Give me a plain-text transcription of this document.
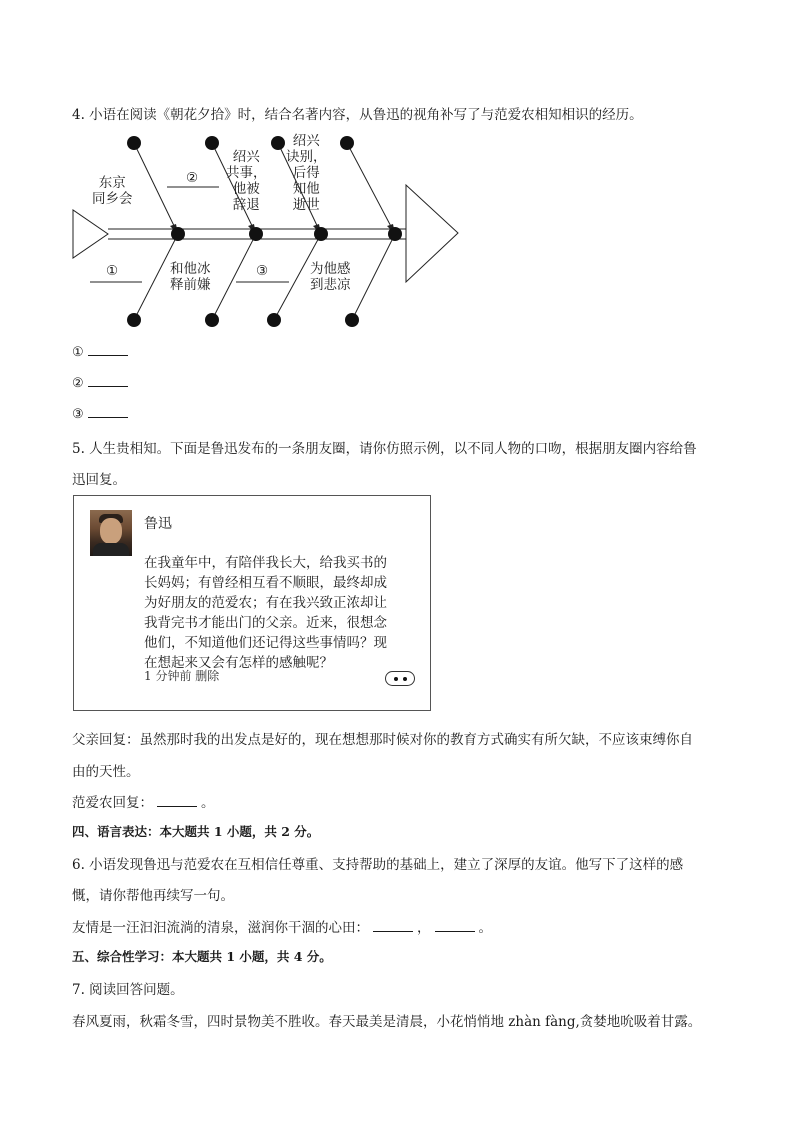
4. 小语在阅读《朝花夕拾》时，结合名著内容，从鲁迅的视角补写了与范爱农相知相识的经历。
东京
同乡会
②
绍兴
共事，
他被
辞退
绍兴
诀别，
后得
知他
逝世
①	和他冰
释前嫌
③	为他感
到悲凉
①
②
③
5. 人生贵相知。下面是鲁迅发布的一条朋友圈，请你仿照示例，以不同人物的口吻，根据朋友圈内容给鲁
迅回复。
鲁迅
在我童年中，有陪伴我长大，给我买书的
长妈妈；有曾经相互看不顺眼，最终却成
为好朋友的范爱农；有在我兴致正浓却让
我背完书才能出门的父亲。近来，很想念
他们，不知道他们还记得这些事情吗？现
在想起来又会有怎样的感触呢？
1 分钟前 删除
父亲回复：虽然那时我的出发点是好的，现在想想那时候对你的教育方式确实有所欠缺，不应该束缚你自
由的天性。
范爱农回复：	。
四、语言表达：本大题共 1 小题，共 2 分。
6. 小语发现鲁迅与范爱农在互相信任尊重、支持帮助的基础上，建立了深厚的友谊。他写下了这样的感
慨，请你帮他再续写一句。
友情是一汪汩汩流淌的清泉，滋润你干涸的心田：	，	。
五、综合性学习：本大题共 1 小题，共 4 分。
7. 阅读回答问题。
春风夏雨，秋霜冬雪，四时景物美不胜收。春天最美是清晨，小花悄悄地 zhàn fàng,贪婪地吮吸着甘露。
